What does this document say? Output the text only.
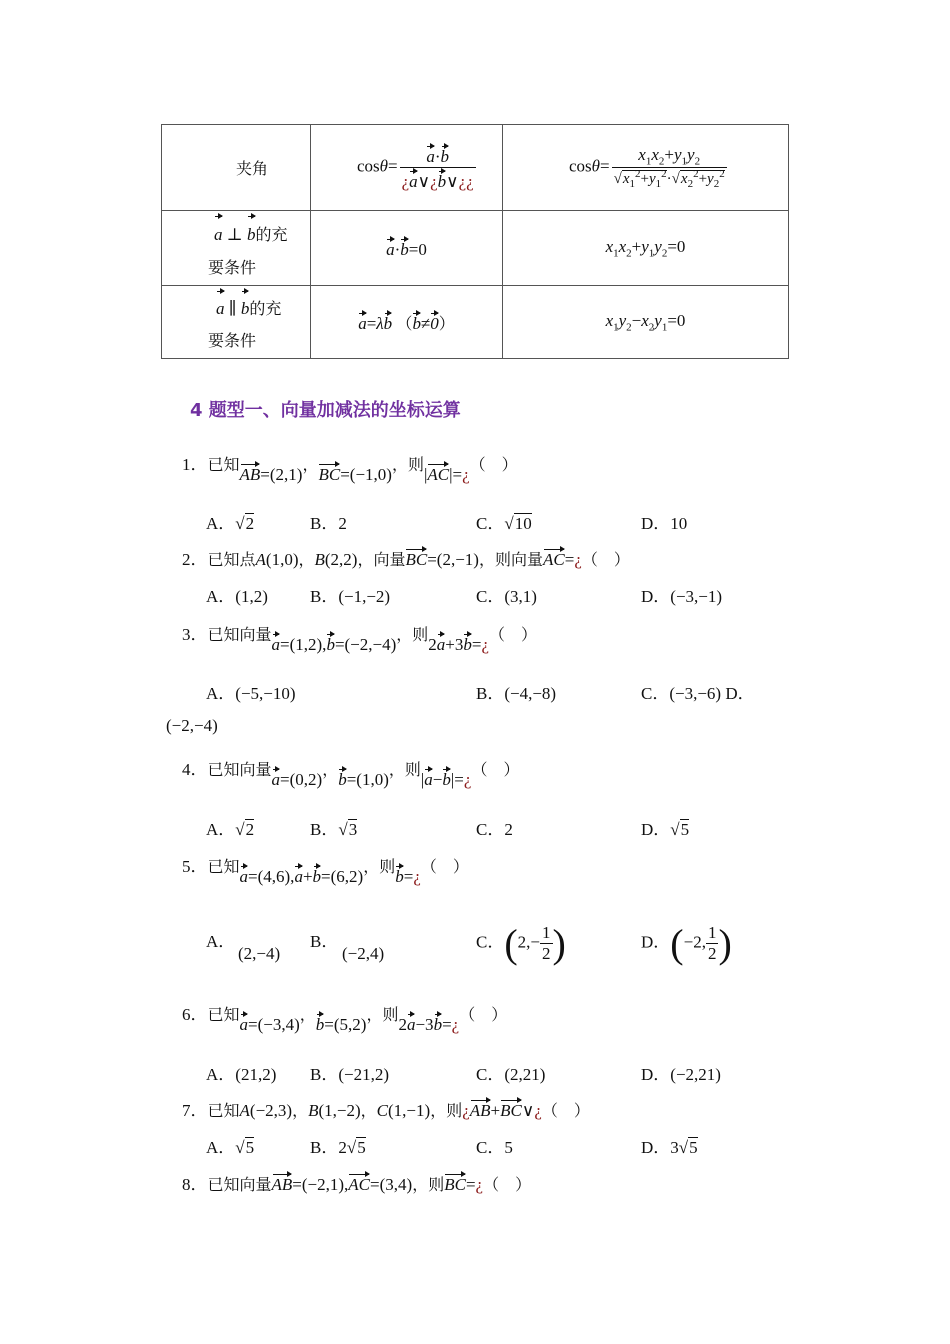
夹角	$\cos\theta= \frac{a\cdot b}{¿a\vee¿b\vee¿¿}$	$\cos\theta= \frac{x_1x_2+y_1y_2}{√x_1^2+y_1^2\cdot√x_2^2+y_2^2}$

a ⊥ b的充
要条件	a·b=0	$x_1x_2+y_1y_2=0$

a ∥ b的充
要条件	a=λb （b≠0）	$x_1y_2-x_2y_1=0$
4 题型一、向量加减法的坐标运算
1．已知AB=(2,1)，BC=(−1,0)，则|AC|=¿（　）
A．√2	B．2	C．√10	D．10
2．已知点A(1,0)，B(2,2)，向量BC=(2,−1)，则向量AC=¿（　）
A．(1,2) B．(−1,−2)	C．(3,1)	D．(−3,−1)
3．已知向量a=(1,2),b=(−2,−4)，则2a+3b=¿（　）
A．(−5,−10)	B．(−4,−8)	C．(−3,−6) D．
(−2,−4)
4．已知向量a=(0,2)，b=(1,0)，则|a−b|=¿（　）
A．√2	B．√3	C．2	D．√5
5．已知a=(4,6),a+b=(6,2)，则b=¿（　）
A．
(2,−4)
B．
(−2,4)
C．($2,- \frac{1}{2}$ )	D．(−2, $\frac{1}{2}$ )
6．已知a=(−3,4)，b=(5,2)，则2a−3b=¿（　）
A．(21,2) B．(−21,2)	C．(2,21)	D．(−2,21)
7．已知A(−2,3)，B(1,−2)，C(1,−1)，则¿AB+BC∨¿（　）
A．√5	B．2√5	C．5	D．3√5
8．已知向量AB=(−2,1),AC=(3,4)，则BC=¿（　）
